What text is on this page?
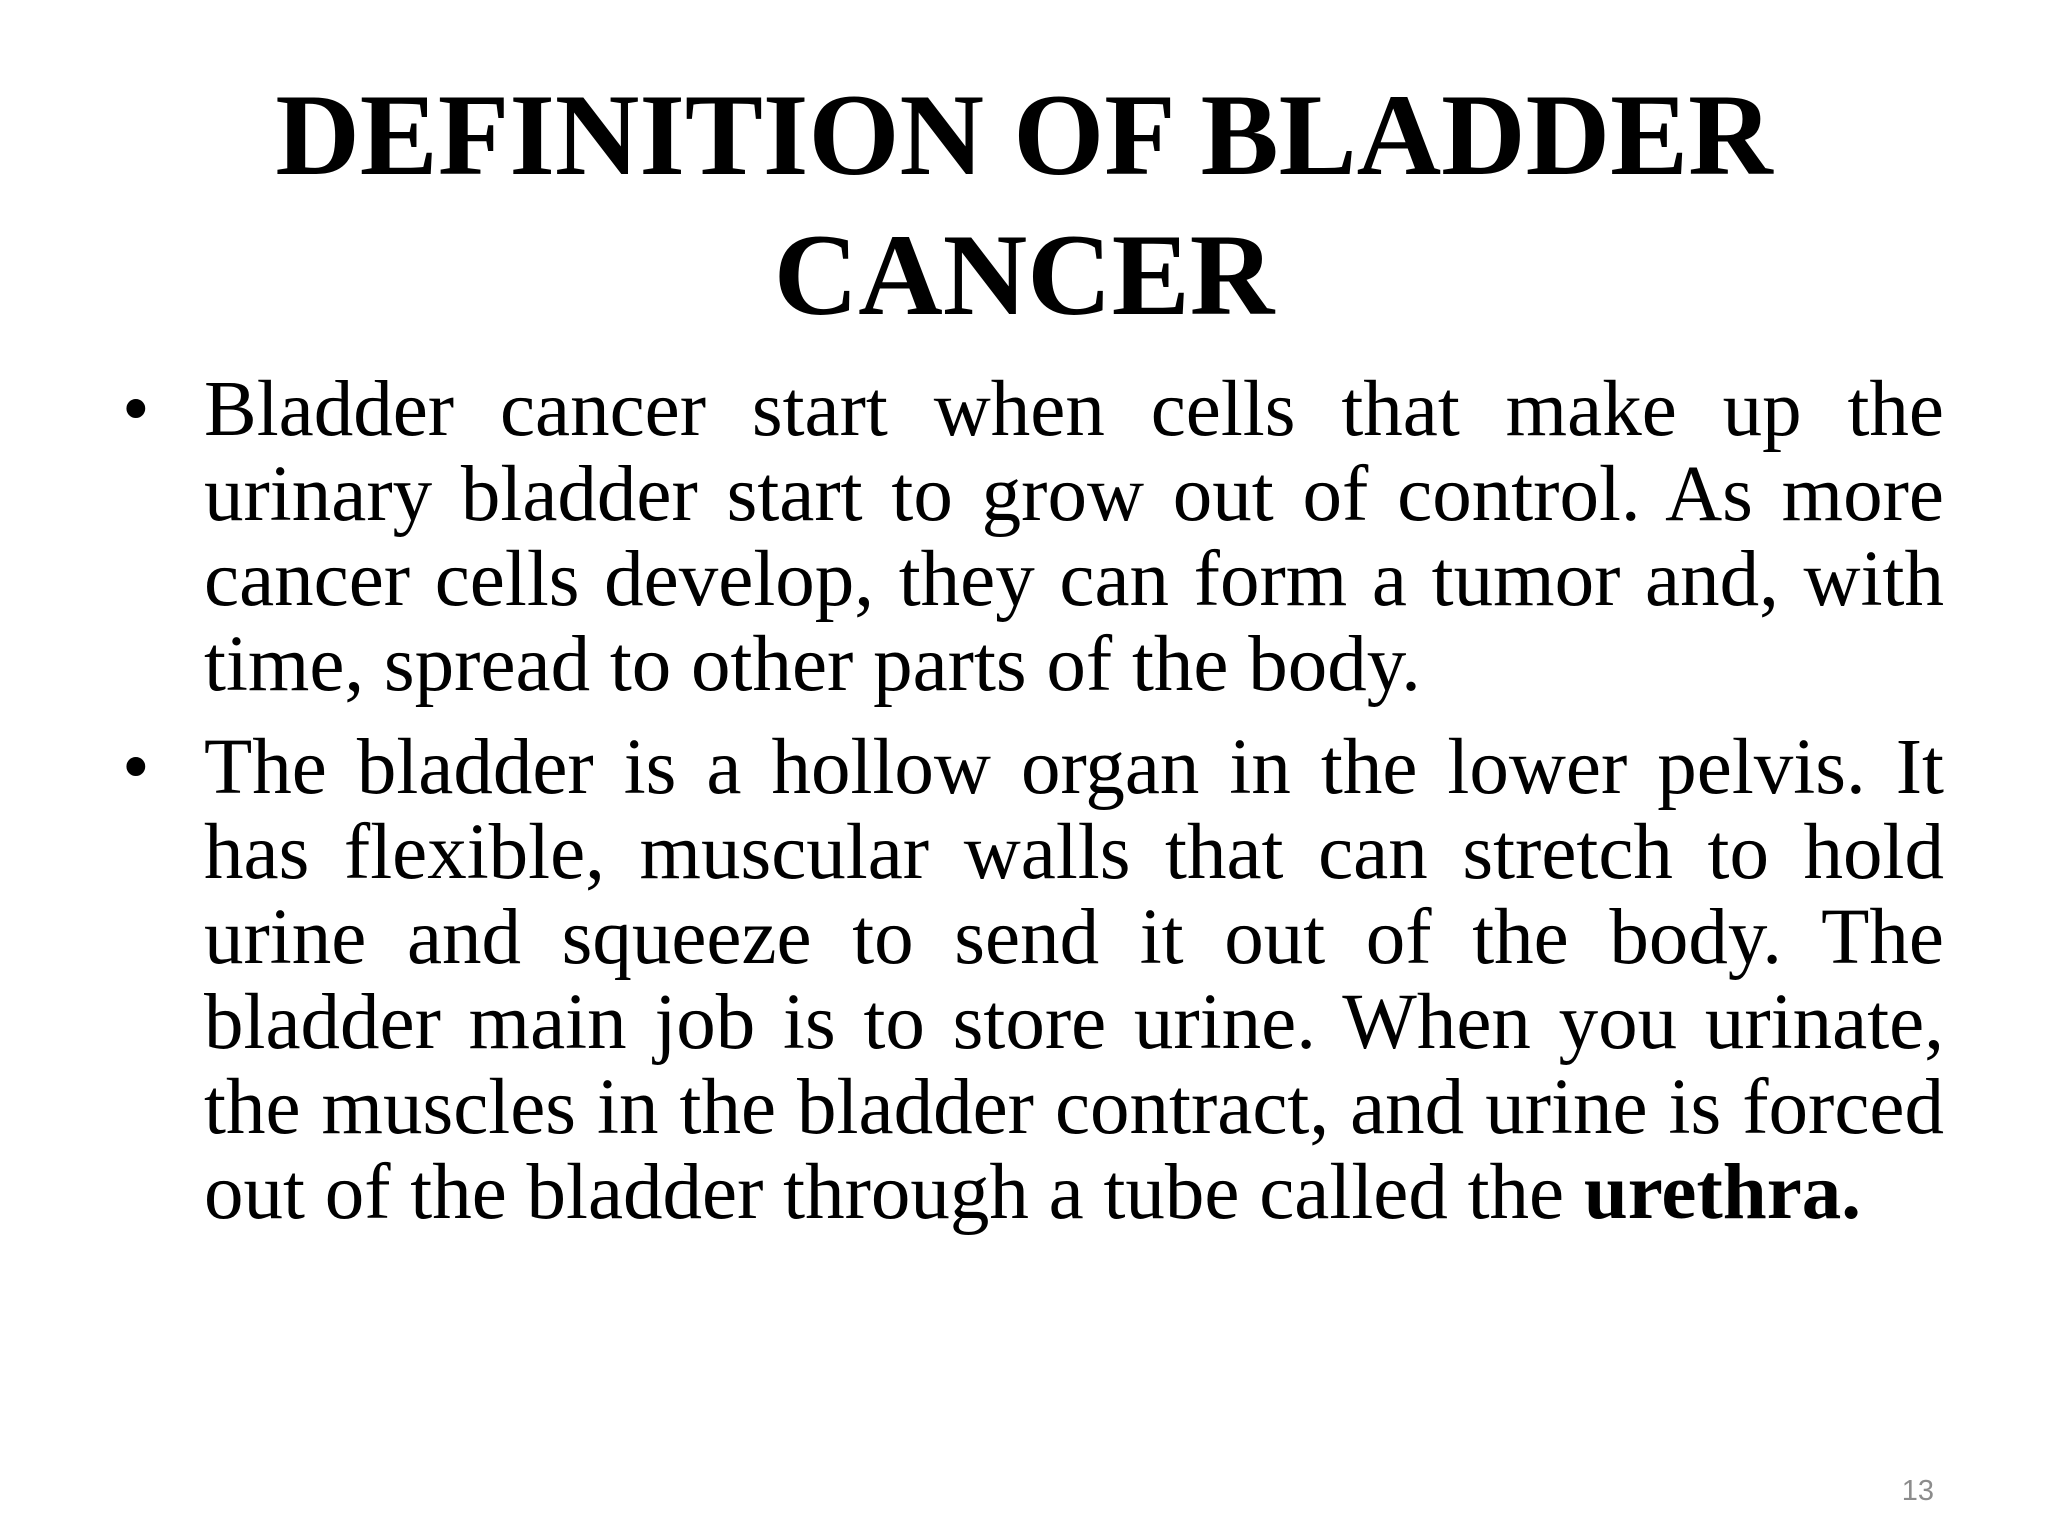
DEFINITION OF BLADDER
CANCER
• Bladder cancer start when cells that make up the urinary bladder start to grow out of control. As more cancer cells develop, they can form a tumor and, with time, spread to other parts of the body.
• The bladder is a hollow organ in the lower pelvis. It has flexible, muscular walls that can stretch to hold urine and squeeze to send it out of the body. The bladder main job is to store urine. When you urinate, the muscles in the bladder contract, and urine is forced out of the bladder through a tube called the urethra.
13
